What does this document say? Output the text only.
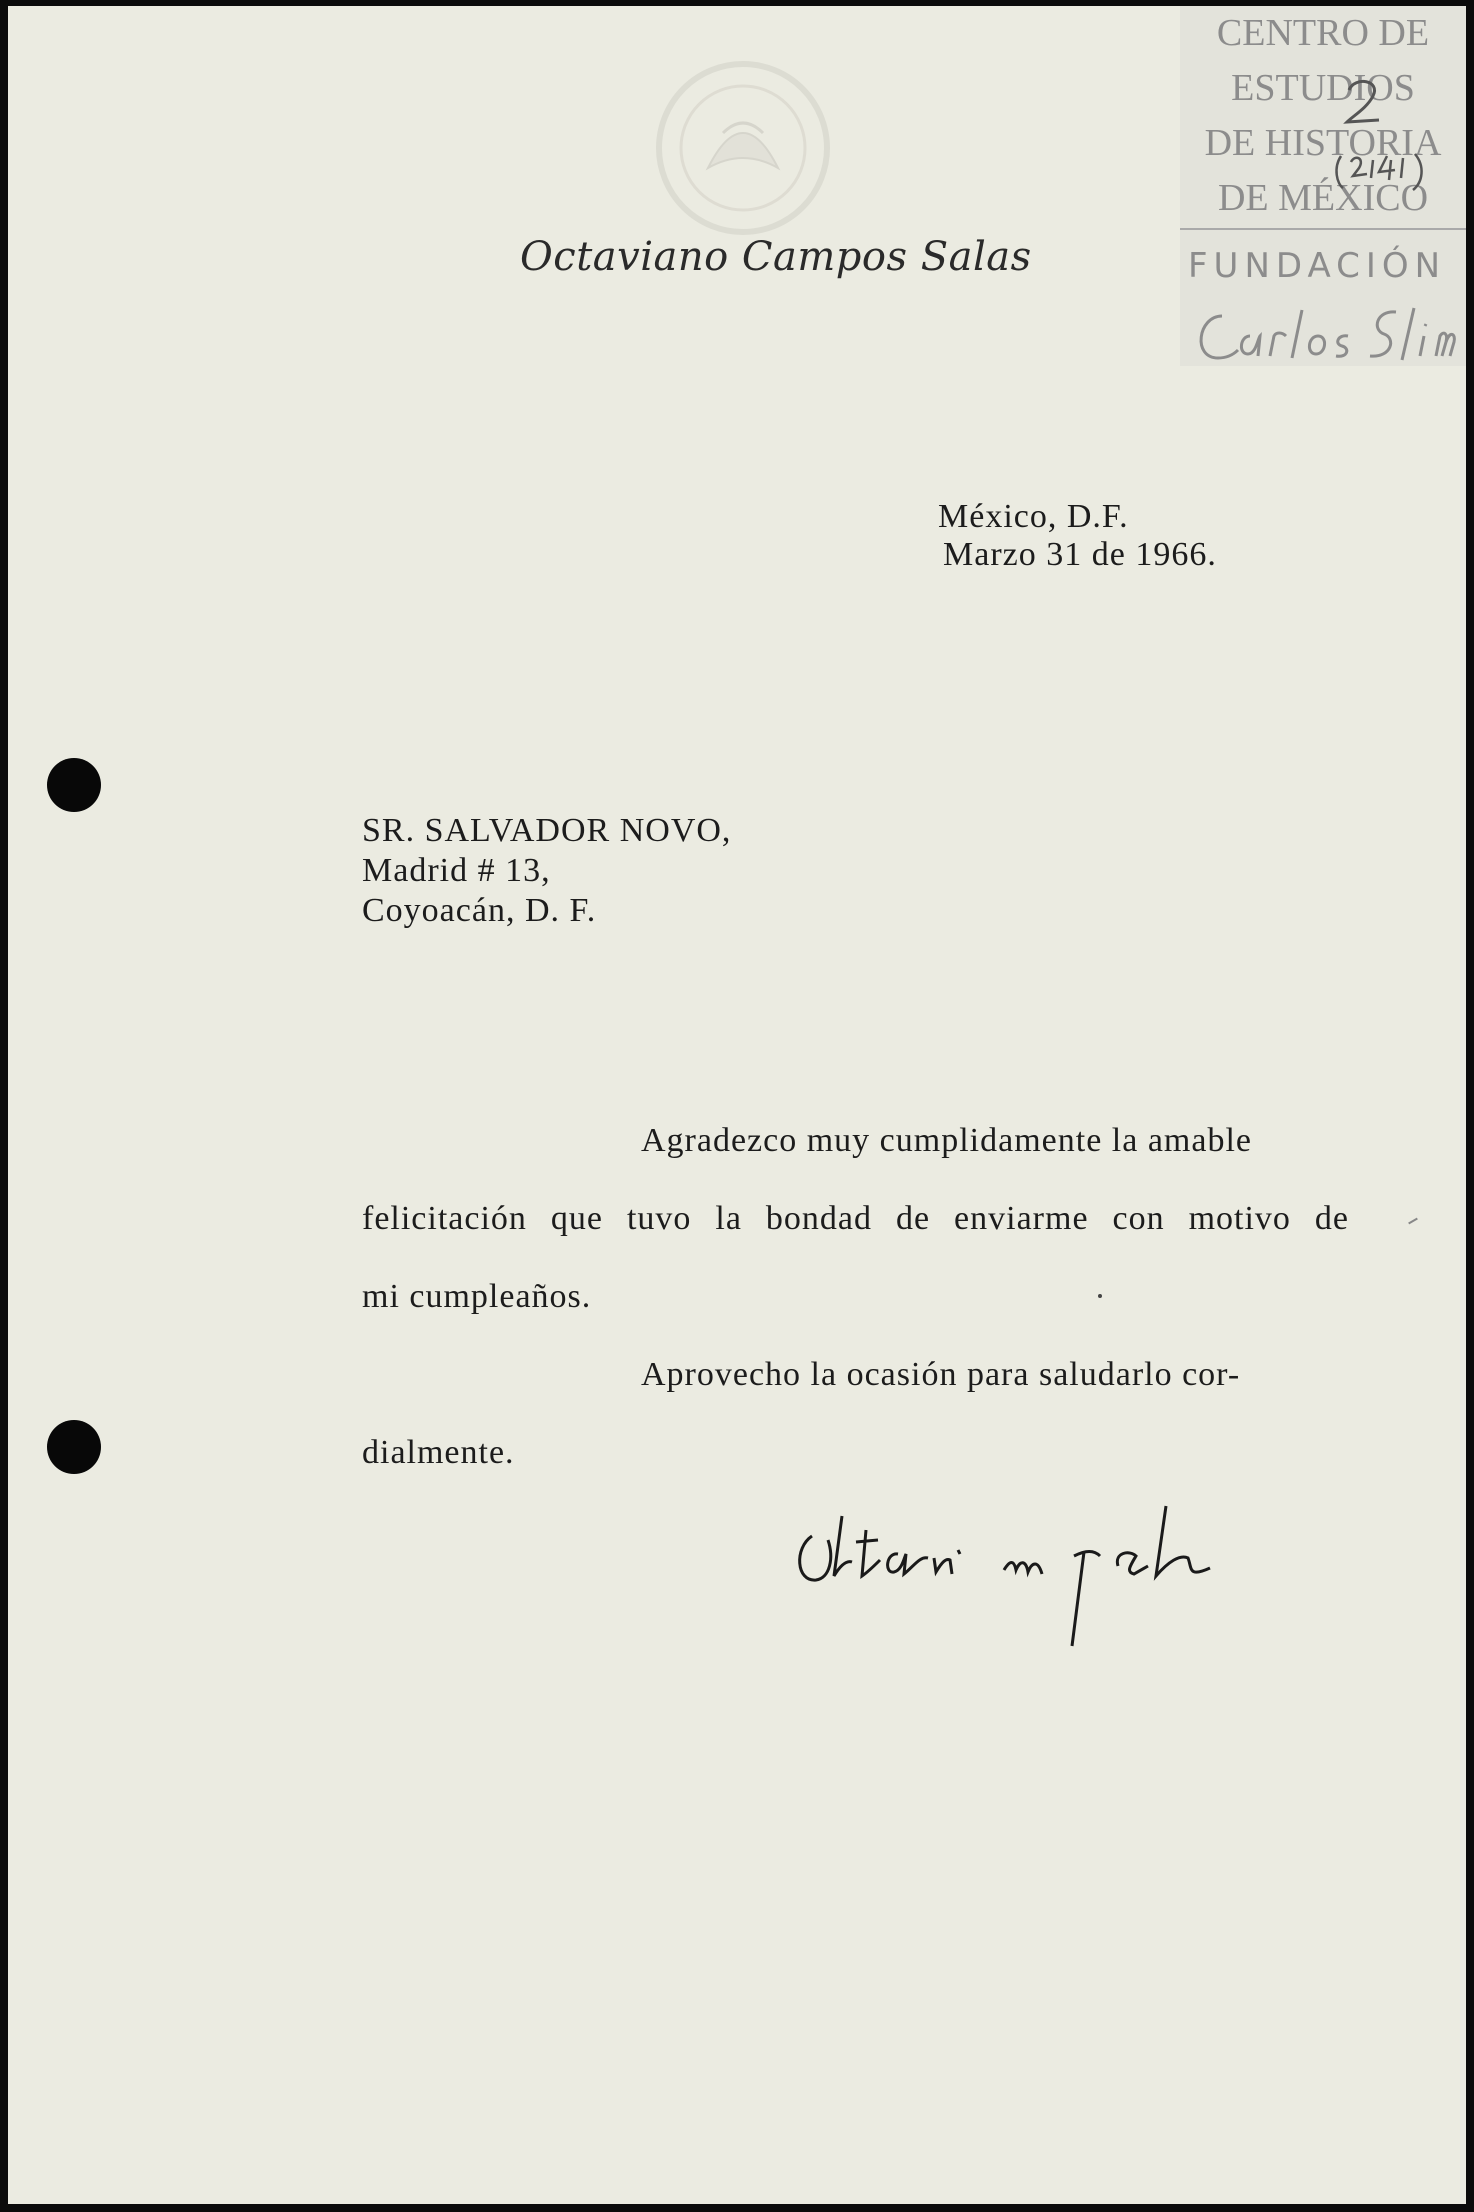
CENTRO DE
ESTUDIOS
DE HISTORIA
DE MÉXICO
FUNDACIÓN
Octaviano Campos Salas
México, D.F.
Marzo 31 de 1966.
SR. SALVADOR NOVO,
Madrid # 13,
Coyoacán, D. F.
Agradezco muy cumplidamente la amable
felicitación que tuvo la bondad de enviarme con motivo de
mi cumpleaños.
Aprovecho la ocasión para saludarlo cor-
dialmente.
